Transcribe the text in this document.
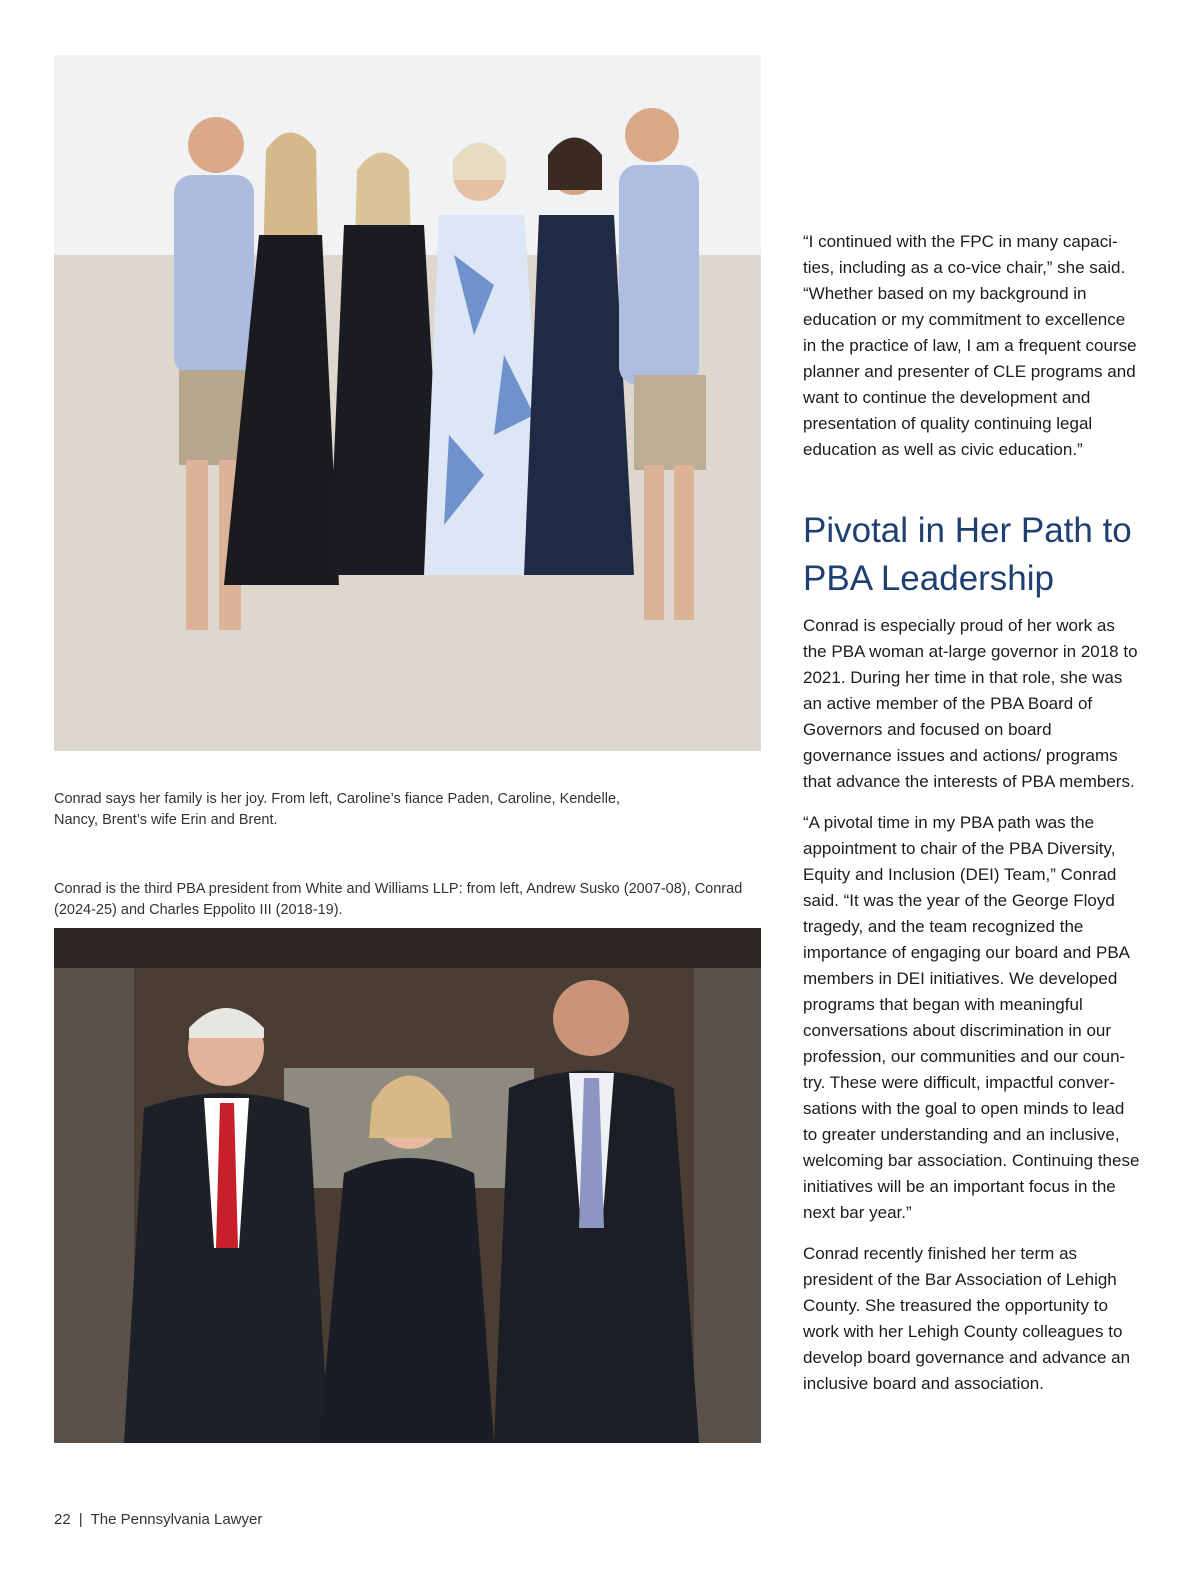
Conrad says her family is her joy. From left, Caroline’s fiance Paden, Caroline, Kendelle, Nancy, Brent’s wife Erin and Brent.

Conrad is the third PBA president from White and Williams LLP: from left, Andrew Susko (2007-08), Conrad (2024-25) and Charles Eppolito III (2018-19).

“I continued with the FPC in many capaci-ties, including as a co-vice chair,” she said. “Whether based on my background in education or my commitment to excellence in the practice of law, I am a frequent course planner and presenter of CLE programs and want to continue the development and presentation of quality continuing legal education as well as civic education.”

Pivotal in Her Path to PBA Leadership

Conrad is especially proud of her work as the PBA woman at-large governor in 2018 to 2021. During her time in that role, she was an active member of the PBA Board of Governors and focused on board governance issues and actions/ programs that advance the interests of PBA members.

“A pivotal time in my PBA path was the appointment to chair of the PBA Diversity, Equity and Inclusion (DEI) Team,” Conrad said. “It was the year of the George Floyd tragedy, and the team recognized the importance of engaging our board and PBA members in DEI initiatives. We developed programs that began with meaningful conversations about discrimination in our profession, our communities and our coun-try. These were difficult, impactful conver-sations with the goal to open minds to lead to greater understanding and an inclusive, welcoming bar association. Continuing these initiatives will be an important focus in the next bar year.”

Conrad recently finished her term as president of the Bar Association of Lehigh County. She treasured the opportunity to work with her Lehigh County colleagues to develop board governance and advance an inclusive board and association.

22 | The Pennsylvania Lawyer
